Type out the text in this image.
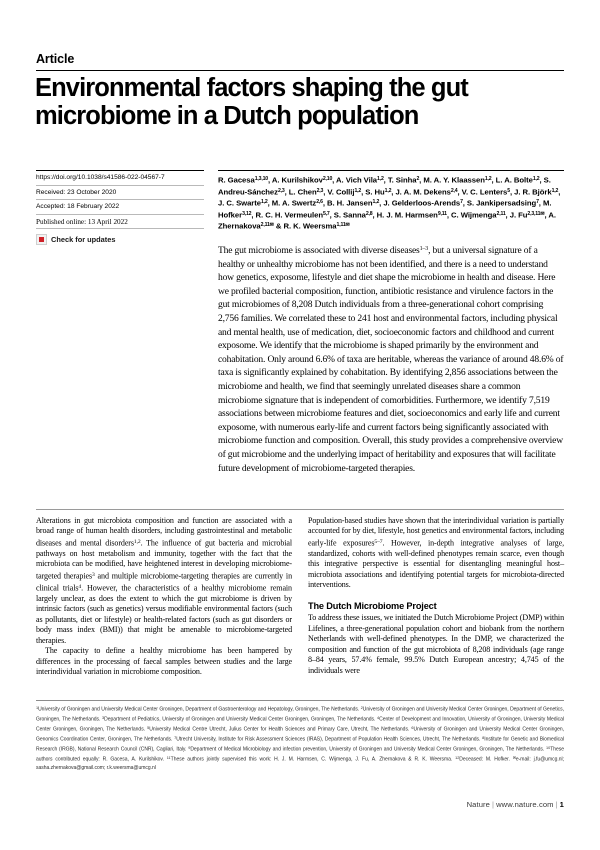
Article
Environmental factors shaping the gut microbiome in a Dutch population
https://doi.org/10.1038/s41586-022-04567-7
Received: 23 October 2020
Accepted: 18 February 2022
Published online: 13 April 2022
Check for updates
R. Gacesa$^{1,3,10}$, A. Kurilshikov$^{2,10}$, A. Vich Vila$^{1,2}$, T. Sinha$^2$, M. A. Y. Klaassen$^{1,2}$, L. A. Bolte$^{1,2}$, S. Andreu-Sánchez$^{2,3}$, L. Chen$^{2,3}$, V. Collij$^{1,2}$, S. Hu$^{1,2}$, J. A. M. Dekens$^{2,4}$, V. C. Lenters$^5$, J. R. Björk$^{1,2}$, J. C. Swarte$^{1,2}$, M. A. Swertz$^{2,6}$, B. H. Jansen$^{1,2}$, J. Gelderloos-Arends$^7$, S. Jankipersadsing$^7$, M. Hofker$^{3,12}$, R. C. H. Vermeulen$^{5,7}$, S. Sanna$^{2,8}$, H. J. M. Harmsen$^{9,11}$, C. Wijmenga$^{2,11}$, J. $Fu^{2,3,11✉}$, A. Zhernakova$^{2,11✉}$ & R. K. Weersma$^{1,11✉}$
The gut microbiome is associated with diverse diseases$^{1-3}$, but a universal signature of a healthy or unhealthy microbiome has not been identified, and there is a need to understand how genetics, exposome, lifestyle and diet shape the microbiome in health and disease. Here we profiled bacterial composition, function, antibiotic resistance and virulence factors in the gut microbiomes of 8,208 Dutch individuals from a three-generational cohort comprising 2,756 families. We correlated these to 241 host and environmental factors, including physical and mental health, use of medication, diet, socioeconomic factors and childhood and current exposome. We identify that the microbiome is shaped primarily by the environment and cohabitation. Only around 6.6% of taxa are heritable, whereas the variance of around 48.6% of taxa is significantly explained by cohabitation. By identifying 2,856 associations between the microbiome and health, we find that seemingly unrelated diseases share a common microbiome signature that is independent of comorbidities. Furthermore, we identify 7,519 associations between microbiome features and diet, socioeconomics and early life and current exposome, with numerous early-life and current factors being significantly associated with microbiome function and composition. Overall, this study provides a comprehensive overview of gut microbiome and the underlying impact of heritability and exposures that will facilitate future development of microbiome-targeted therapies.

Alterations in gut microbiota composition and function are associated with a broad range of human health disorders, including gastrointestinal and metabolic diseases and mental disorders$^{1,2}$. The influence of gut bacteria and microbial pathways on host metabolism and immunity, together with the fact that the microbiota can be modified, have heightened interest in developing microbiome-targeted therapies$^3$ and multiple microbiome-targeting therapies are currently in clinical trials$^4$. However, the characteristics of a healthy microbiome remain largely unclear, as does the extent to which the gut microbiome is driven by intrinsic factors (such as genetics) versus modifiable environmental factors (such as pollutants, diet or lifestyle) or health-related factors (such as gut disorders or body mass index (BMI)) that might be amenable to microbiome-targeted therapies.

The capacity to define a healthy microbiome has been hampered by differences in the processing of faecal samples between studies and the large interindividual variation in microbiome composition.

Population-based studies have shown that the interindividual variation is partially accounted for by diet, lifestyle, host genetics and environmental factors, including early-life exposures$^{5-7}$. However, in-depth integrative analyses of large, standardized, cohorts with well-defined phenotypes remain scarce, even though this integrative perspective is essential for disentangling meaningful host–microbiota associations and identifying potential targets for microbiota-directed interventions.

The Dutch Microbiome Project

To address these issues, we initiated the Dutch Microbiome Project (DMP) within Lifelines, a three-generational population cohort and biobank from the northern Netherlands with well-defined phenotypes. In the DMP, we characterized the composition and function of the gut microbiota of 8,208 individuals (age range 8–84 years, 57.4% female, 99.5% Dutch European ancestry; 4,745 of the individuals were

$^1$University of Groningen and University Medical Center Groningen, Department of Gastroenterology and Hepatology, Groningen, The Netherlands. $^2$University of Groningen and University Medical Center Groningen, Department of Genetics, Groningen, The Netherlands. $^3$Department of Pediatrics, University of Groningen and University Medical Center Groningen, Groningen, The Netherlands. $^4$Center of Development and Innovation, University of Groningen, University Medical Center Groningen, Groningen, The Netherlands. $^5$University Medical Centre Utrecht, Julius Center for Health Sciences and Primary Care, Utrecht, The Netherlands. $^6$University of Groningen and University Medical Center Groningen, Genomics Coordination Center, Groningen, The Netherlands. $^7$Utrecht University, Institute for Risk Assessment Sciences (IRAS), Department of Population Health Sciences, Utrecht, The Netherlands. $^8$Institute for Genetic and Biomedical Research (IRGB), National Research Council (CNR), Cagliari, Italy. $^9$Department of Medical Microbiology and infection prevention, University of Groningen and University Medical Center Groningen, Groningen, The Netherlands. $^{10}$These authors contributed equally: R. Gacesa, A. Kurilshikov. $^{11}$These authors jointly supervised this work: H. J. M. Harmsen, C. Wijmenga, J. Fu, A. Zhernakova & R. K. Weersma. $^{12}$Deceased: M. Hofker. ✉e-mail: j.fu@umcg.nl; sasha.zhernakova@gmail.com; r.k.weersma@umcg.nl
Nature | www.nature.com | 1
